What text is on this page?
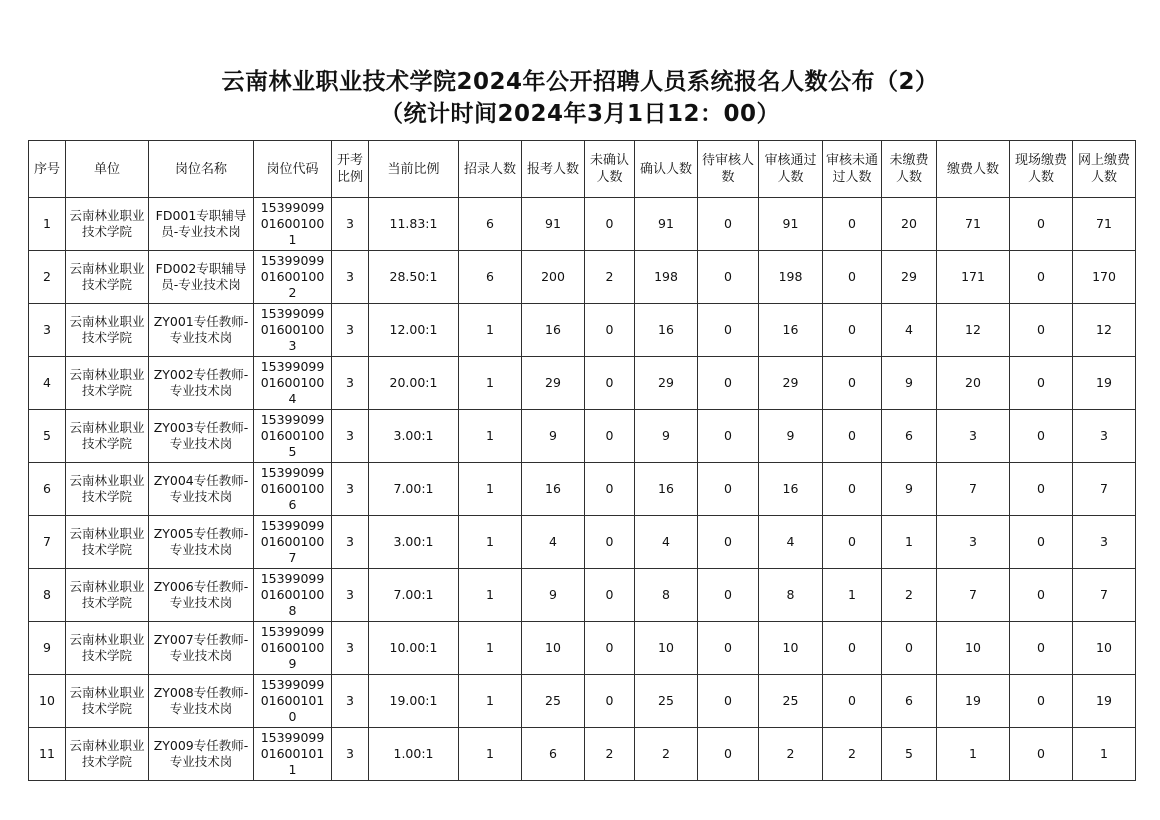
云南林业职业技术学院2024年公开招聘人员系统报名人数公布（2）
（统计时间2024年3月1日12：00）
序号	单位	岗位名称	岗位代码	开考比例	当前比例	招录人数	报考人数	未确认人数	确认人数	待审核人数	审核通过人数	审核未通过人数	未缴费人数	缴费人数	现场缴费人数	网上缴费人数
1	云南林业职业技术学院	FD001专职辅导员-专业技术岗	15399099016001001	3	11.83:1	6	91	0	91	0	91	0	20	71	0	71
2	云南林业职业技术学院	FD002专职辅导员-专业技术岗	15399099016001002	3	28.50:1	6	200	2	198	0	198	0	29	171	0	170
3	云南林业职业技术学院	ZY001专任教师-专业技术岗	15399099016001003	3	12.00:1	1	16	0	16	0	16	0	4	12	0	12
4	云南林业职业技术学院	ZY002专任教师-专业技术岗	15399099016001004	3	20.00:1	1	29	0	29	0	29	0	9	20	0	19
5	云南林业职业技术学院	ZY003专任教师-专业技术岗	15399099016001005	3	3.00:1	1	9	0	9	0	9	0	6	3	0	3
6	云南林业职业技术学院	ZY004专任教师-专业技术岗	15399099016001006	3	7.00:1	1	16	0	16	0	16	0	9	7	0	7
7	云南林业职业技术学院	ZY005专任教师-专业技术岗	15399099016001007	3	3.00:1	1	4	0	4	0	4	0	1	3	0	3
8	云南林业职业技术学院	ZY006专任教师-专业技术岗	15399099016001008	3	7.00:1	1	9	0	8	0	8	1	2	7	0	7
9	云南林业职业技术学院	ZY007专任教师-专业技术岗	15399099016001009	3	10.00:1	1	10	0	10	0	10	0	0	10	0	10
10	云南林业职业技术学院	ZY008专任教师-专业技术岗	15399099016001010	3	19.00:1	1	25	0	25	0	25	0	6	19	0	19
11	云南林业职业技术学院	ZY009专任教师-专业技术岗	15399099016001011	3	1.00:1	1	6	2	2	0	2	2	5	1	0	1
